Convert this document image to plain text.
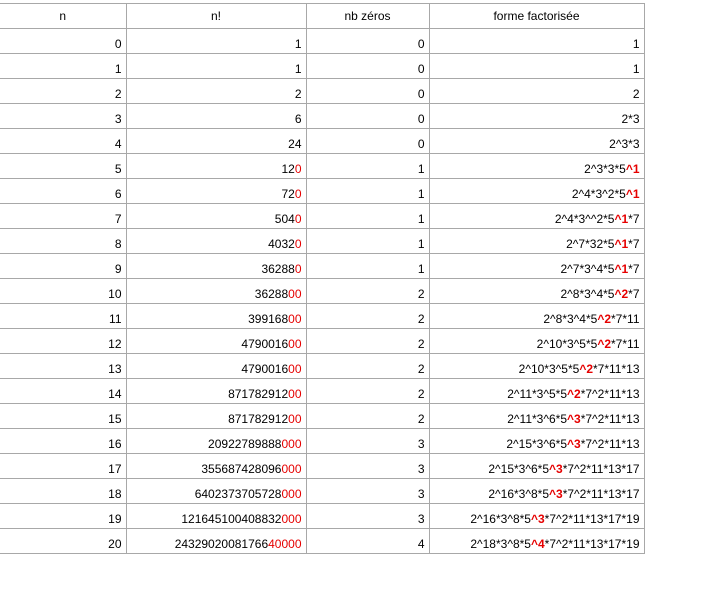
n	n!	nb zéros	forme factorisée
0	1	0	1
1	1	0	1
2	2	0	2
3	6	0	2*3
4	24	0	2^3*3
5	120	1	2^3*3*5^1
6	720	1	2^4*3^2*5^1
7	5040	1	2^4*3^^2*5^1*7
8	40320	1	2^7*32*5^1*7
9	362880	1	2^7*3^4*5^1*7
10	3628800	2	2^8*3^4*5^2*7
11	39916800	2	2^8*3^4*5^2*7*11
12	479001600	2	2^10*3^5*5^2*7*11
13	479001600	2	2^10*3^5*5^2*7*11*13
14	87178291200	2	2^11*3^5*5^2*7^2*11*13
15	87178291200	2	2^11*3^6*5^3*7^2*11*13
16	20922789888000	3	2^15*3^6*5^3*7^2*11*13
17	355687428096000	3	2^15*3^6*5^3*7^2*11*13*17
18	6402373705728000	3	2^16*3^8*5^3*7^2*11*13*17
19	121645100408832000	3	2^16*3^8*5^3*7^2*11*13*17*19
20	2432902008176640000	4	2^18*3^8*5^4*7^2*11*13*17*19
